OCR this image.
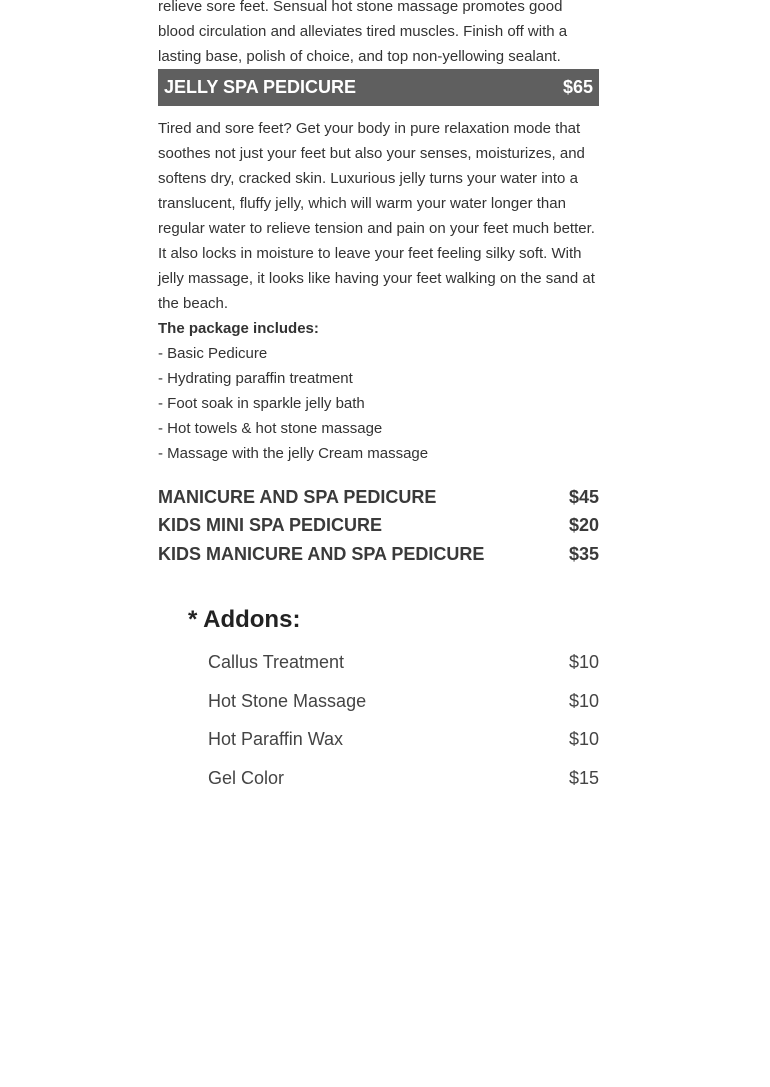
relieve sore feet. Sensual hot stone massage promotes good

blood circulation and alleviates tired muscles. Finish off with a

lasting base, polish of choice, and top non-yellowing sealant.

JELLY SPA PEDICURE	$65

Tired and sore feet? Get your body in pure relaxation mode that soothes not just your feet but also your senses, moisturizes, and softens dry, cracked skin. Luxurious jelly turns your water into a translucent, fluffy jelly, which will warm your water longer than regular water to relieve tension and pain on your feet much better. It also locks in moisture to leave your feet feeling silky soft. With jelly massage, it looks like having your feet walking on the sand at the beach.

The package includes:

- Basic Pedicure

- Hydrating paraffin treatment

- Foot soak in sparkle jelly bath

- Hot towels & hot stone massage

- Massage with the jelly Cream massage

MANICURE AND SPA PEDICURE	$45
KIDS MINI SPA PEDICURE	$20
KIDS MANICURE AND SPA PEDICURE	$35
* Addons:
Callus Treatment	$10
Hot Stone Massage	$10
Hot Paraffin Wax	$10
Gel Color	$15
